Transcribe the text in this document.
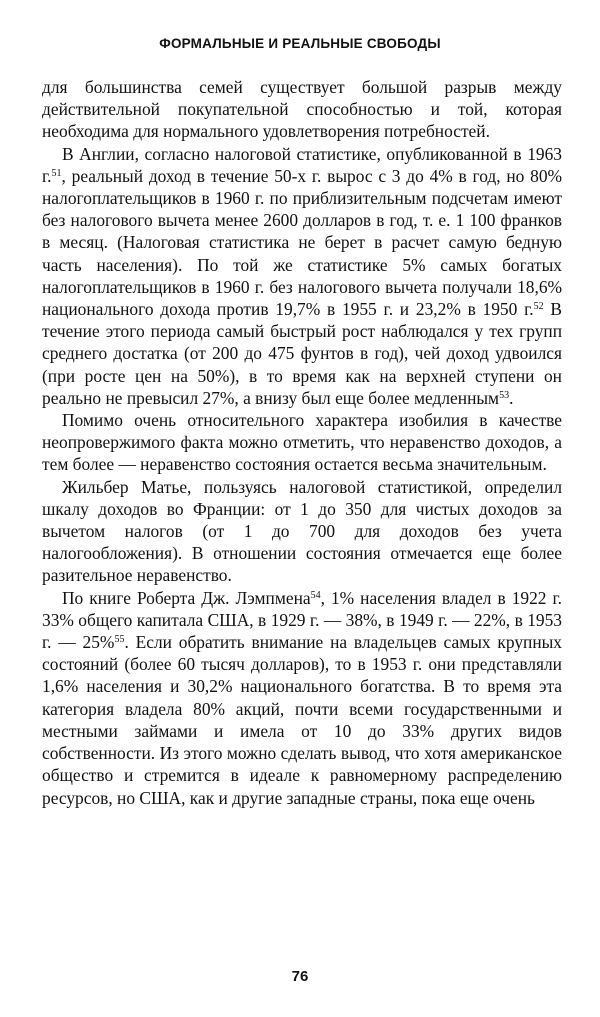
ФОРМАЛЬНЫЕ И РЕАЛЬНЫЕ СВОБОДЫ

для большинства семей существует большой разрыв между действительной покупательной способностью и той, которая необходима для нормального удовлетворения потребностей.

В Англии, согласно налоговой статистике, опубликованной в 1963 г.$^{51}$, реальный доход в течение 50-х г. вырос с 3 до 4% в год, но 80% налогоплательщиков в 1960 г. по приблизительным подсчетам имеют без налогового вычета менее 2600 долларов в год, т. е. 1 100 франков в месяц. (Налоговая статистика не берет в расчет самую бедную часть населения). По той же статистике 5% самых богатых налогоплательщиков в 1960 г. без налогового вычета получали 18,6% национального дохода против 19,7% в 1955 г. и 23,2% в 1950 г.$^{52}$ В течение этого периода самый быстрый рост наблюдался у тех групп среднего достатка (от 200 до 475 фунтов в год), чей доход удвоился (при росте цен на 50%), в то время как на верхней ступени он реально не превысил 27%, а внизу был еще более медленным$^{53}$.

Помимо очень относительного характера изобилия в качестве неопровержимого факта можно отметить, что неравенство доходов, а тем более — неравенство состояния остается весьма значительным.

Жильбер Матье, пользуясь налоговой статистикой, определил шкалу доходов во Франции: от 1 до 350 для чистых доходов за вычетом налогов (от 1 до 700 для доходов без учета налогообложения). В отношении состояния отмечается еще более разительное неравенство.

По книге Роберта Дж. Лэмпмена$^{54}$, 1% населения владел в 1922 г. 33% общего капитала США, в 1929 г. — 38%, в 1949 г. — 22%, в 1953 г. — 25%$^{55}$. Если обратить внимание на владельцев самых крупных состояний (более 60 тысяч долларов), то в 1953 г. они представляли 1,6% населения и 30,2% национального богатства. В то время эта категория владела 80% акций, почти всеми государственными и местными займами и имела от 10 до 33% других видов собственности. Из этого можно сделать вывод, что хотя американское общество и стремится в идеале к равномерному распределению ресурсов, но США, как и другие западные страны, пока еще очень

76
